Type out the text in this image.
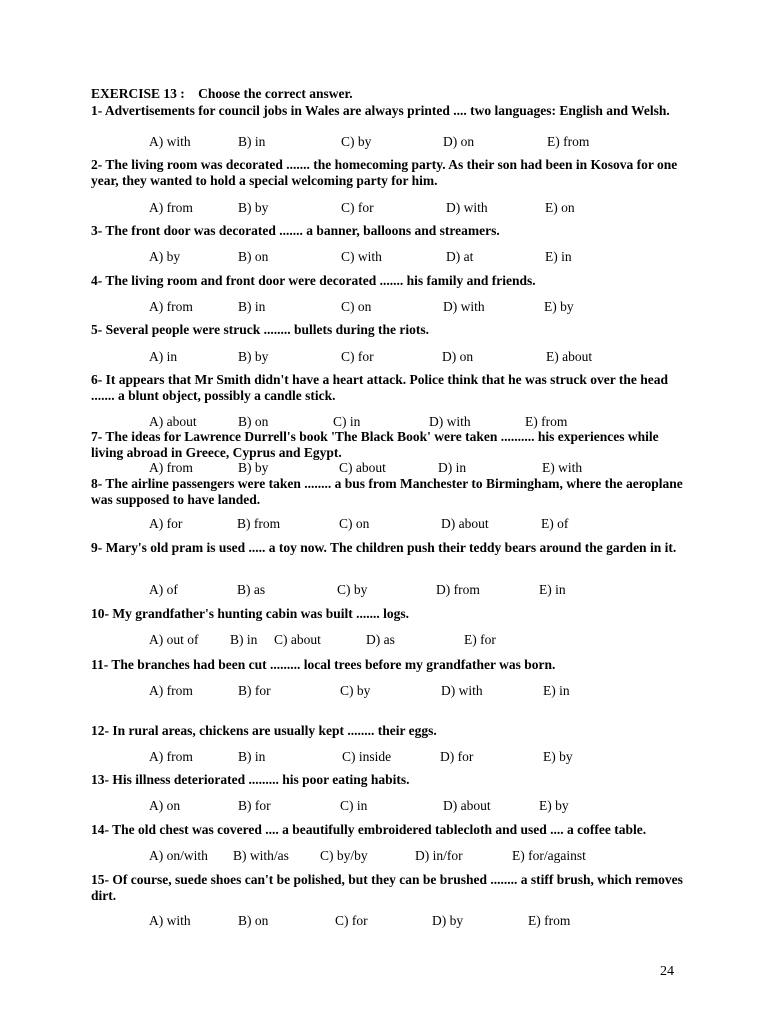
EXERCISE 13 : Choose the correct answer.
1- Advertisements for council jobs in Wales are always printed .... two languages: English and Welsh.
A) with	B) in	C) by	D) on	E) from
2- The living room was decorated ....... the homecoming party. As their son had been in Kosova for one year, they wanted to hold a special welcoming party for him.
A) from	B) by	C) for	D) with	E) on
3- The front door was decorated ....... a banner, balloons and streamers.
A) by	B) on	C) with	D) at	E) in
4- The living room and front door were decorated ....... his family and friends.
A) from	B) in	C) on	D) with	E) by
5- Several people were struck ........ bullets during the riots.
A) in	B) by	C) for	D) on	E) about
6- It appears that Mr Smith didn't have a heart attack. Police think that he was struck over the head ....... a blunt object, possibly a candle stick.
A) about	B) on	C) in	D) with	E) from
7- The ideas for Lawrence Durrell's book 'The Black Book' were taken .......... his experiences while living abroad in Greece, Cyprus and Egypt.
A) from	B) by	C) about	D) in	E) with
8- The airline passengers were taken ........ a bus from Manchester to Birmingham, where the aeroplane was supposed to have landed.
A) for	B) from	C) on	D) about	E) of
9- Mary's old pram is used ..... a toy now. The children push their teddy bears around the garden in it.
A) of	B) as	C) by	D) from	E) in
10- My grandfather's hunting cabin was built ....... logs.
A) out of B) in C) about	D) as	E) for
11- The branches had been cut ......... local trees before my grandfather was born.
A) from	B) for	C) by	D) with	E) in
12- In rural areas, chickens are usually kept ........ their eggs.
A) from	B) in	C) inside	D) for	E) by
13- His illness deteriorated ......... his poor eating habits.
A) on	B) for	C) in	D) about	E) by
14- The old chest was covered .... a beautifully embroidered tablecloth and used .... a coffee table.
A) on/with B) with/as C) by/by	D) in/for	E) for/against
15- Of course, suede shoes can't be polished, but they can be brushed ........ a stiff brush, which removes dirt.
A) with	B) on	C) for	D) by	E) from
24
